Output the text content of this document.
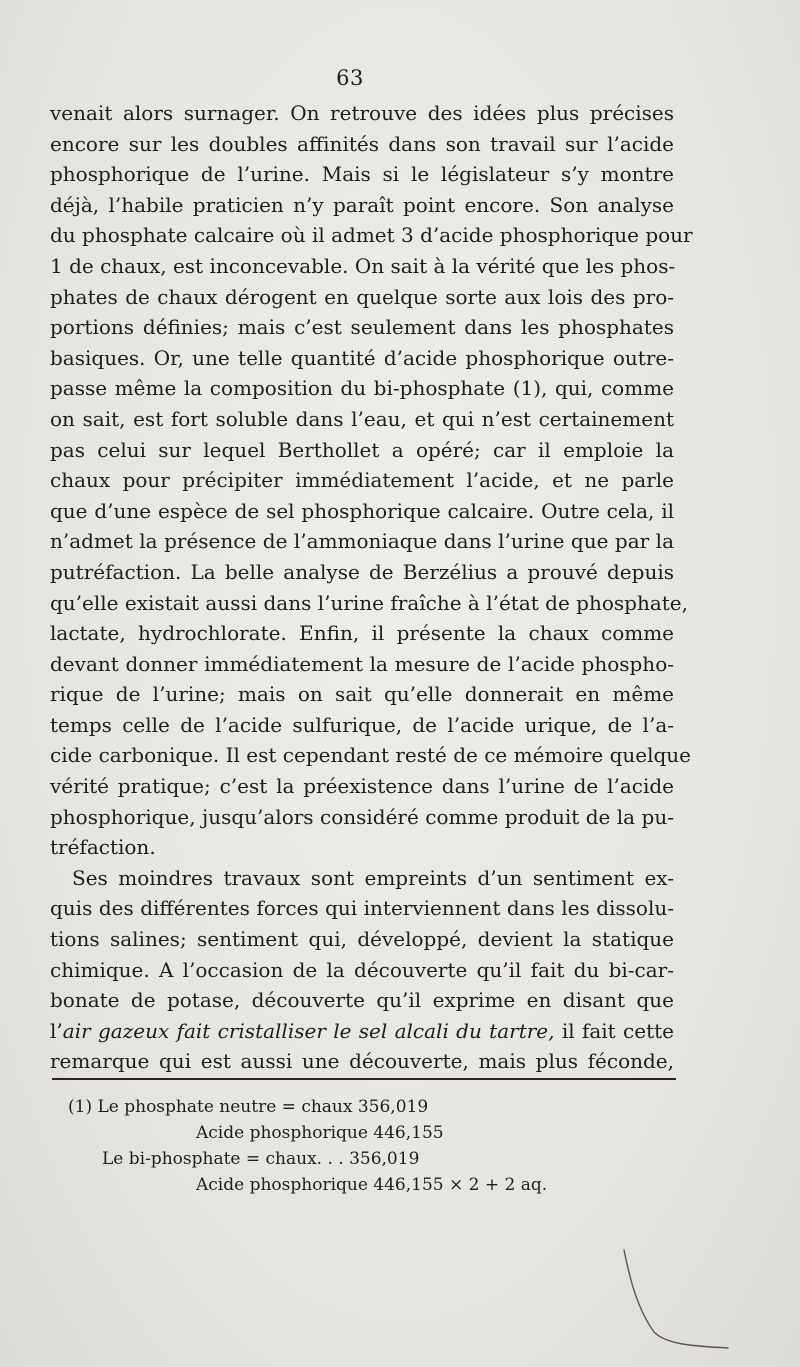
63
venait alors surnager. On retrouve des idées plus précises
encore sur les doubles affinités dans son travail sur l’acide
phosphorique de l’urine. Mais si le législateur s’y montre
déjà, l’habile praticien n’y paraît point encore. Son analyse
du phosphate calcaire où il admet 3 d’acide phosphorique pour
1 de chaux, est inconcevable. On sait à la vérité que les phos-
phates de chaux dérogent en quelque sorte aux lois des pro-
portions définies; mais c’est seulement dans les phosphates
basiques. Or, une telle quantité d’acide phosphorique outre-
passe même la composition du bi-phosphate (1), qui, comme
on sait, est fort soluble dans l’eau, et qui n’est certainement
pas celui sur lequel Berthollet a opéré; car il emploie la
chaux pour précipiter immédiatement l’acide, et ne parle
que d’une espèce de sel phosphorique calcaire. Outre cela, il
n’admet la présence de l’ammoniaque dans l’urine que par la
putréfaction. La belle analyse de Berzélius a prouvé depuis
qu’elle existait aussi dans l’urine fraîche à l’état de phosphate,
lactate, hydrochlorate. Enfin, il présente la chaux comme
devant donner immédiatement la mesure de l’acide phospho-
rique de l’urine; mais on sait qu’elle donnerait en même
temps celle de l’acide sulfurique, de l’acide urique, de l’a-
cide carbonique. Il est cependant resté de ce mémoire quelque
vérité pratique; c’est la préexistence dans l’urine de l’acide
phosphorique, jusqu’alors considéré comme produit de la pu-
tréfaction.
Ses moindres travaux sont empreints d’un sentiment ex-
quis des différentes forces qui interviennent dans les dissolu-
tions salines; sentiment qui, développé, devient la statique
chimique. A l’occasion de la découverte qu’il fait du bi-car-
bonate de potase, découverte qu’il exprime en disant que
l’air gazeux fait cristalliser le sel alcali du tartre, il fait cette
remarque qui est aussi une découverte, mais plus féconde,
(1) Le phosphate neutre = chaux 356,019
Acide phosphorique 446,155
Le bi-phosphate = chaux. . . 356,019
Acide phosphorique 446,155 × 2 + 2 aq.
